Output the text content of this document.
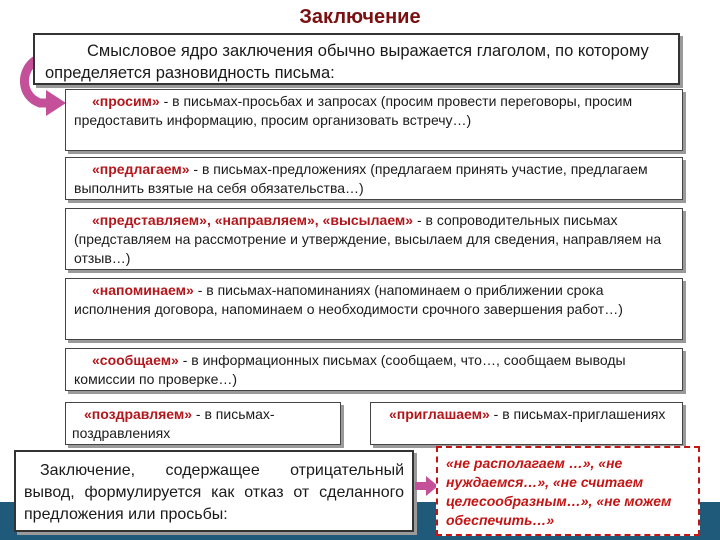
Заключение
Смысловое ядро заключения обычно выражается глаголом, по которому определяется разновидность письма:
«просим» - в письмах-просьбах и запросах (просим провести переговоры, просим предоставить информацию, просим организовать встречу…)
«предлагаем» - в письмах-предложениях (предлагаем принять участие, предлагаем выполнить взятые на себя обязательства…)
«представляем», «направляем», «высылаем» - в сопроводительных письмах (представляем на рассмотрение и утверждение, высылаем для сведения, направляем на отзыв…)
«напоминаем» - в письмах-напоминаниях (напоминаем о приближении срока исполнения договора, напоминаем о необходимости срочного завершения работ…)
«сообщаем» - в информационных письмах (сообщаем, что…, сообщаем выводы комиссии по проверке…)
«поздравляем» - в письмах-поздравлениях
«приглашаем» - в письмах-приглашениях
Заключение, содержащее отрицательный вывод, формулируется как отказ от сделанного предложения или просьбы:
«не располагаем …», «не нуждаемся…», «не считаем целесообразным…», «не можем обеспечить…»
